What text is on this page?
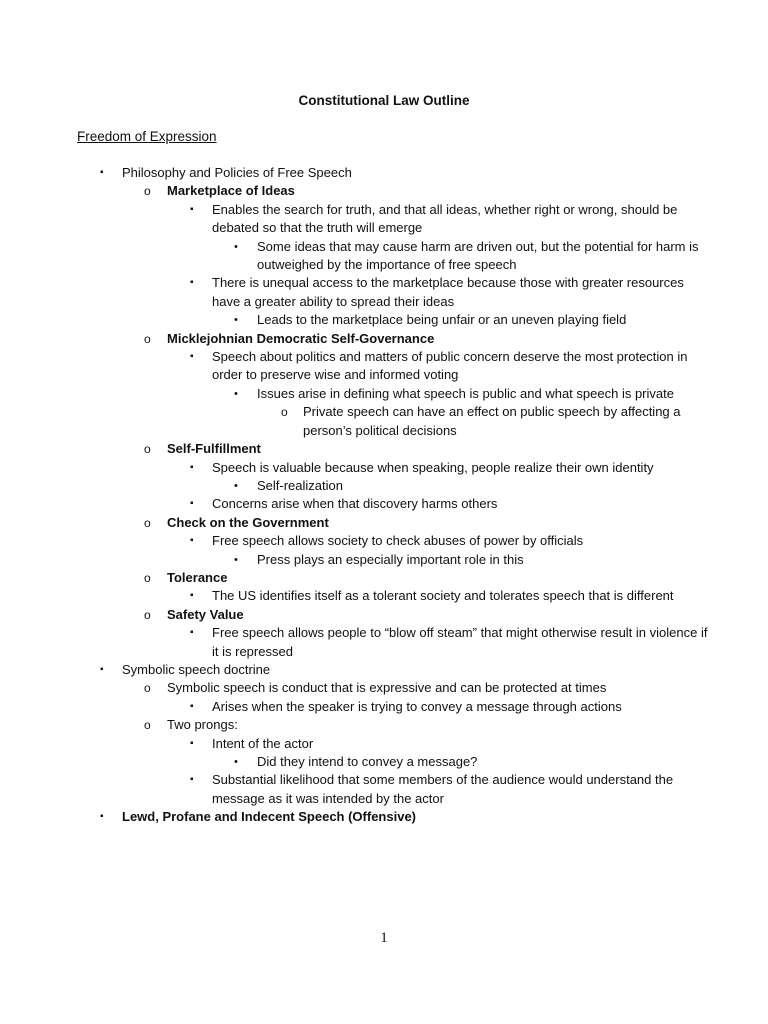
Constitutional Law Outline
Freedom of Expression
▪	Philosophy and Policies of Free Speech
o	Marketplace of Ideas
▪	Enables the search for truth, and that all ideas, whether right or wrong, should be debated so that the truth will emerge
•	Some ideas that may cause harm are driven out, but the potential for harm is outweighed by the importance of free speech
▪	There is unequal access to the marketplace because those with greater resources have a greater ability to spread their ideas
•	Leads to the marketplace being unfair or an uneven playing field
o	Micklejohnian Democratic Self-Governance
▪	Speech about politics and matters of public concern deserve the most protection in order to preserve wise and informed voting
•	Issues arise in defining what speech is public and what speech is private
o	Private speech can have an effect on public speech by affecting a person’s political decisions
o	Self-Fulfillment
▪	Speech is valuable because when speaking, people realize their own identity
•	Self-realization
▪	Concerns arise when that discovery harms others
o	Check on the Government
▪	Free speech allows society to check abuses of power by officials
•	Press plays an especially important role in this
o	Tolerance
▪	The US identifies itself as a tolerant society and tolerates speech that is different
o	Safety Value
▪	Free speech allows people to “blow off steam” that might otherwise result in violence if it is repressed
▪	Symbolic speech doctrine
o	Symbolic speech is conduct that is expressive and can be protected at times
▪	Arises when the speaker is trying to convey a message through actions
o	Two prongs:
▪	Intent of the actor
•	Did they intend to convey a message?
▪	Substantial likelihood that some members of the audience would understand the message as it was intended by the actor
▪	Lewd, Profane and Indecent Speech (Offensive)
1
